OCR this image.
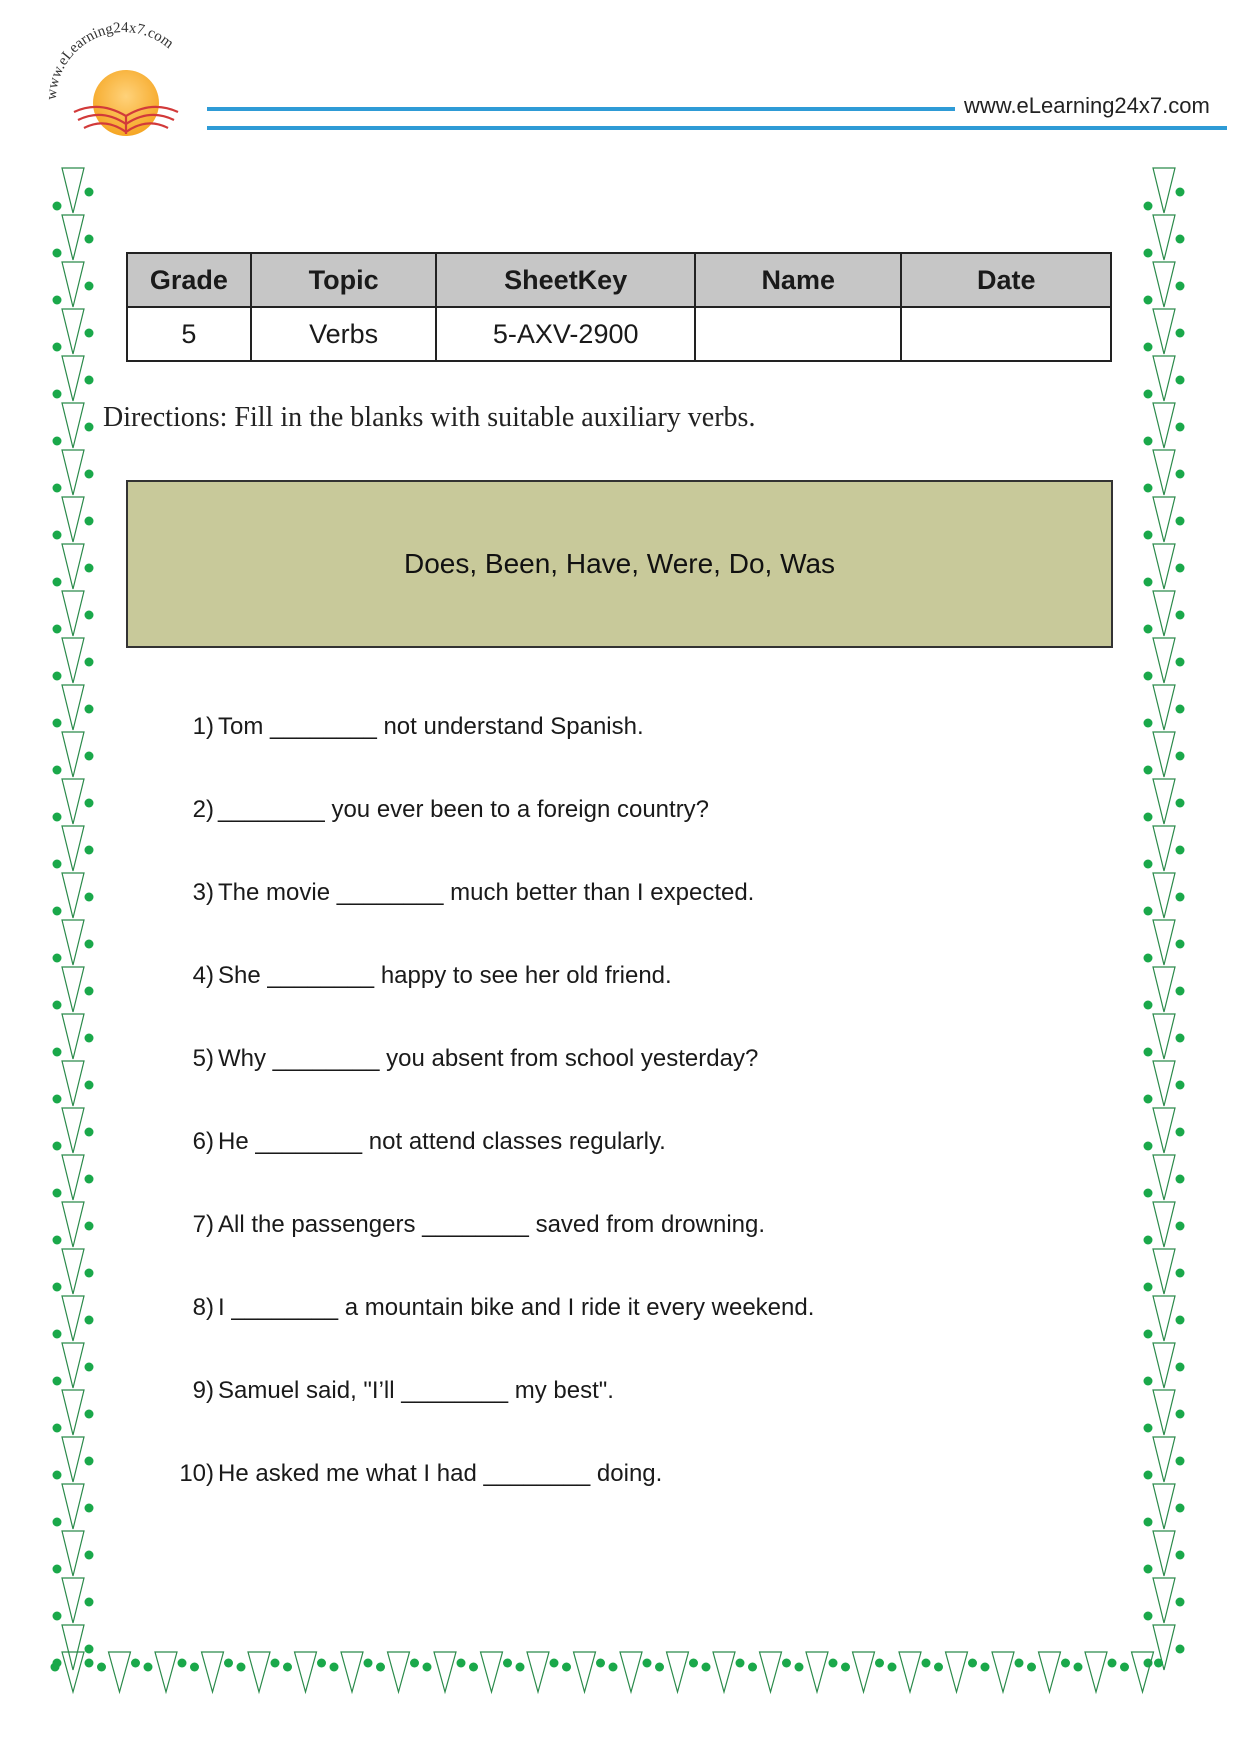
www.eLearning24x7.com
www.eLearning24x7.com
Grade	Topic	SheetKey	Name	Date
5	Verbs	5-AXV-2900		
Directions: Fill in the blanks with suitable auxiliary verbs.
Does, Been, Have, Were, Do, Was
1) Tom ________ not understand Spanish.
2) ________ you ever been to a foreign country?
3) The movie ________ much better than I expected.
4) She ________ happy to see her old friend.
5) Why ________ you absent from school yesterday?
6) He ________ not attend classes regularly.
7) All the passengers ________ saved from drowning.
8) I ________ a mountain bike and I ride it every weekend.
9) Samuel said, "I’ll ________ my best".
10) He asked me what I had ________ doing.
